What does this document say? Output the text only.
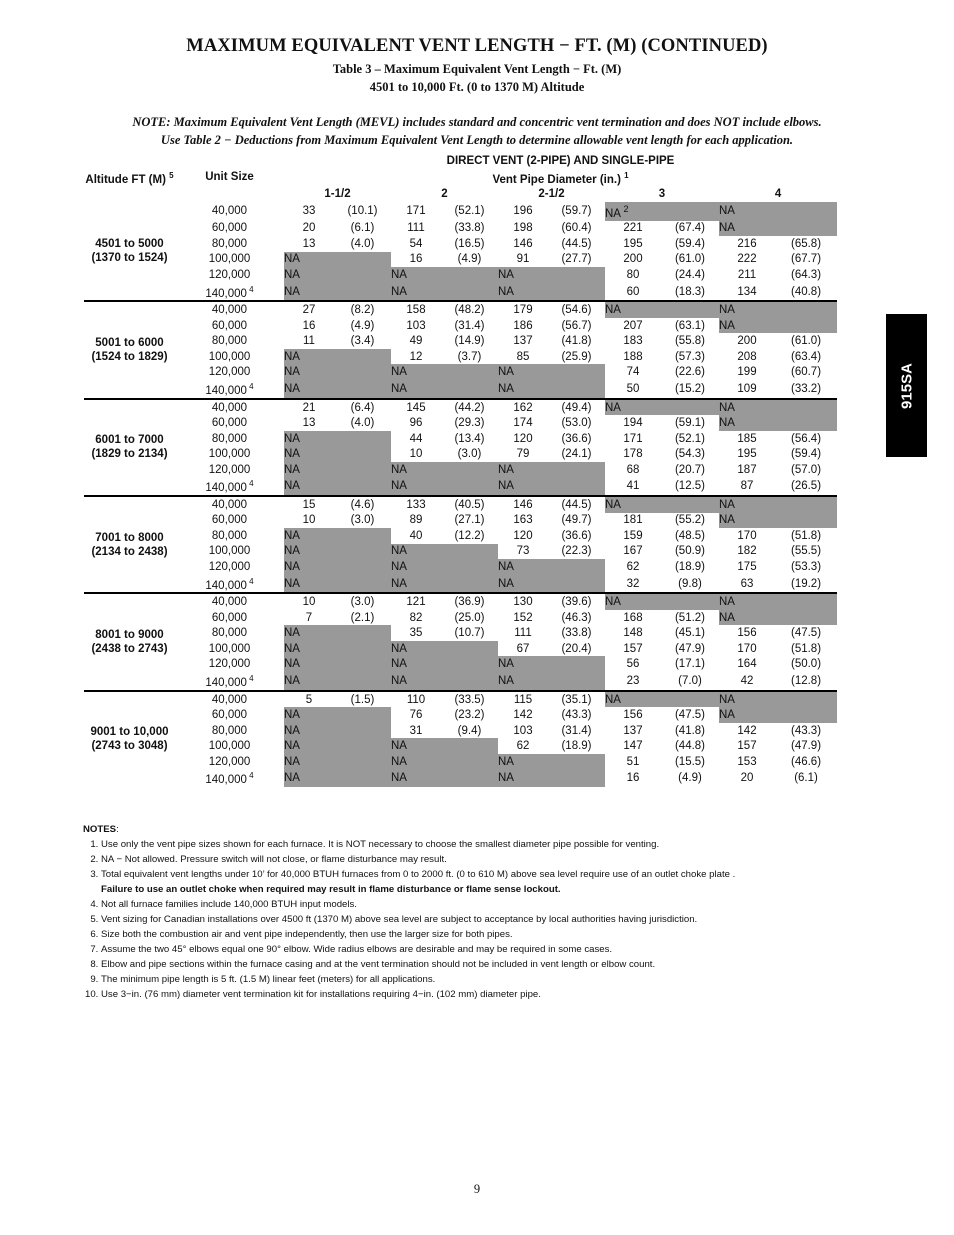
MAXIMUM EQUIVALENT VENT LENGTH − FT. (M) (CONTINUED)
Table 3 – Maximum Equivalent Vent Length − Ft. (M)
4501 to 10,000 Ft. (0 to 1370 M) Altitude
NOTE: Maximum Equivalent Vent Length (MEVL) includes standard and concentric vent termination and does NOT include elbows.
Use Table 2 − Deductions from Maximum Equivalent Vent Length to determine allowable vent length for each application.
Altitude FT (M) $^5$	Unit Size	DIRECT VENT (2-PIPE) AND SINGLE-PIPE									
		Vent Pipe Diameter (in.) $^1$
		1-1/2		2		2-1/2		3		4	
4501 to 5000 (1370 to 1524)	40,000	33	(10.1)	171	(52.1)	196	(59.7)	NA $^2$		NA	
	60,000	20	(6.1)	111	(33.8)	198	(60.4)	221	(67.4)	NA	
	80,000	13	(4.0)	54	(16.5)	146	(44.5)	195	(59.4)	216	(65.8)
	100,000	NA		16	(4.9)	91	(27.7)	200	(61.0)	222	(67.7)
	120,000	NA		NA		NA		80	(24.4)	211	(64.3)
	140,000 $^4$	NA		NA		NA		60	(18.3)	134	(40.8)
5001 to 6000 (1524 to 1829)	40,000	27	(8.2)	158	(48.2)	179	(54.6)	NA		NA	
	60,000	16	(4.9)	103	(31.4)	186	(56.7)	207	(63.1)	NA	
	80,000	11	(3.4)	49	(14.9)	137	(41.8)	183	(55.8)	200	(61.0)
	100,000	NA		12	(3.7)	85	(25.9)	188	(57.3)	208	(63.4)
	120,000	NA		NA		NA		74	(22.6)	199	(60.7)
	140,000 $^4$	NA		NA		NA		50	(15.2)	109	(33.2)
6001 to 7000 (1829 to 2134)	40,000	21	(6.4)	145	(44.2)	162	(49.4)	NA		NA	
	60,000	13	(4.0)	96	(29.3)	174	(53.0)	194	(59.1)	NA	
	80,000	NA		44	(13.4)	120	(36.6)	171	(52.1)	185	(56.4)
	100,000	NA		10	(3.0)	79	(24.1)	178	(54.3)	195	(59.4)
	120,000	NA		NA		NA		68	(20.7)	187	(57.0)
	140,000 $^4$	NA		NA		NA		41	(12.5)	87	(26.5)
7001 to 8000 (2134 to 2438)	40,000	15	(4.6)	133	(40.5)	146	(44.5)	NA		NA	
	60,000	10	(3.0)	89	(27.1)	163	(49.7)	181	(55.2)	NA	
	80,000	NA		40	(12.2)	120	(36.6)	159	(48.5)	170	(51.8)
	100,000	NA		NA		73	(22.3)	167	(50.9)	182	(55.5)
	120,000	NA		NA		NA		62	(18.9)	175	(53.3)
	140,000 $^4$	NA		NA		NA		32	(9.8)	63	(19.2)
8001 to 9000 (2438 to 2743)	40,000	10	(3.0)	121	(36.9)	130	(39.6)	NA		NA	
	60,000	7	(2.1)	82	(25.0)	152	(46.3)	168	(51.2)	NA	
	80,000	NA		35	(10.7)	111	(33.8)	148	(45.1)	156	(47.5)
	100,000	NA		NA		67	(20.4)	157	(47.9)	170	(51.8)
	120,000	NA		NA		NA		56	(17.1)	164	(50.0)
	140,000 $^4$	NA		NA		NA		23	(7.0)	42	(12.8)
9001 to 10,000 (2743 to 3048)	40,000	5	(1.5)	110	(33.5)	115	(35.1)	NA		NA	
	60,000	NA		76	(23.2)	142	(43.3)	156	(47.5)	NA	
	80,000	NA		31	(9.4)	103	(31.4)	137	(41.8)	142	(43.3)
	100,000	NA		NA		62	(18.9)	147	(44.8)	157	(47.9)
	120,000	NA		NA		NA		51	(15.5)	153	(46.6)
	140,000 $^4$	NA		NA		NA		16	(4.9)	20	(6.1)
915SA
NOTES:
1. Use only the vent pipe sizes shown for each furnace. It is NOT necessary to choose the smallest diameter pipe possible for venting.
2. NA − Not allowed. Pressure switch will not close, or flame disturbance may result.
3. Total equivalent vent lengths under 10’ for 40,000 BTUH furnaces from 0 to 2000 ft. (0 to 610 M) above sea level require use of an outlet choke plate .
Failure to use an outlet choke when required may result in flame disturbance or flame sense lockout.
4. Not all furnace families include 140,000 BTUH input models.
5. Vent sizing for Canadian installations over 4500 ft (1370 M) above sea level are subject to acceptance by local authorities having jurisdiction.
6. Size both the combustion air and vent pipe independently, then use the larger size for both pipes.
7. Assume the two 45° elbows equal one 90° elbow. Wide radius elbows are desirable and may be required in some cases.
8. Elbow and pipe sections within the furnace casing and at the vent termination should not be included in vent length or elbow count.
9. The minimum pipe length is 5 ft. (1.5 M) linear feet (meters) for all applications.
10. Use 3−in. (76 mm) diameter vent termination kit for installations requiring 4−in. (102 mm) diameter pipe.
9
